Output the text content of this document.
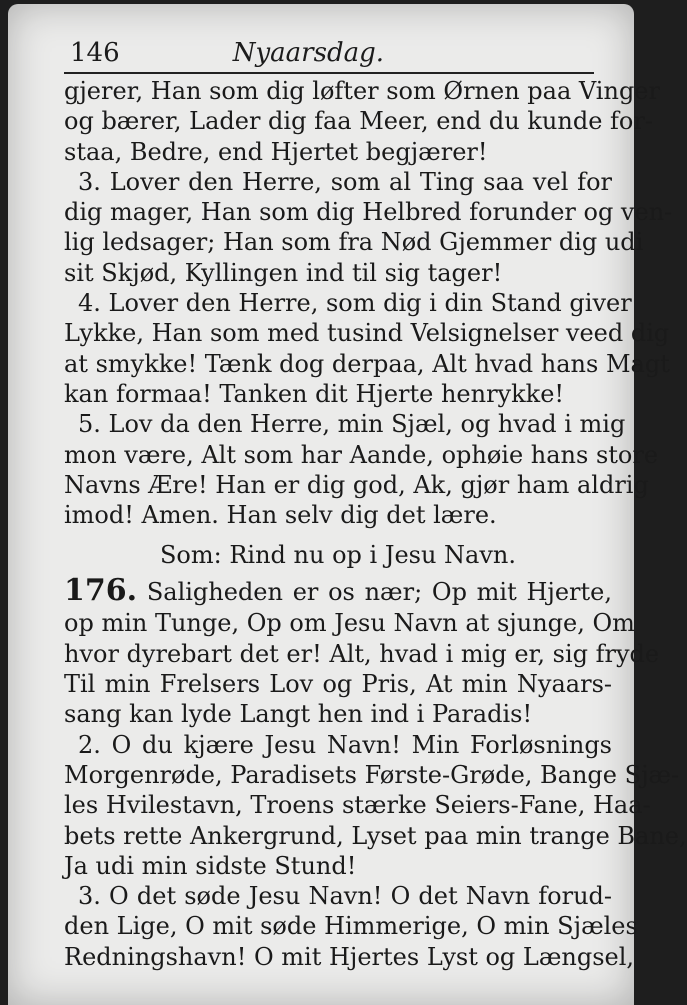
146	Nyaarsdag.
gjerer, Han som dig løfter som Ørnen paa Vinger
og bærer, Lader dig faa Meer, end du kunde for-
staa, Bedre, end Hjertet begjærer!
3. Lover den Herre, som al Ting saa vel for
dig mager, Han som dig Helbred forunder og ven-
lig ledsager; Han som fra Nød Gjemmer dig udi
sit Skjød, Kyllingen ind til sig tager!
4. Lover den Herre, som dig i din Stand giver
Lykke, Han som med tusind Velsignelser veed dig
at smykke! Tænk dog derpaa, Alt hvad hans Magt
kan formaa! Tanken dit Hjerte henrykke!
5. Lov da den Herre, min Sjæl, og hvad i mig
mon være, Alt som har Aande, ophøie hans store
Navns Ære! Han er dig god, Ak, gjør ham aldrig
imod! Amen. Han selv dig det lære.
Som: Rind nu op i Jesu Navn.
176. Saligheden er os nær; Op mit Hjerte,
op min Tunge, Op om Jesu Navn at sjunge, Om
hvor dyrebart det er! Alt, hvad i mig er, sig fryde
Til min Frelsers Lov og Pris, At min Nyaars-
sang kan lyde Langt hen ind i Paradis!
2. O du kjære Jesu Navn! Min Forløsnings
Morgenrøde, Paradisets Første-Grøde, Bange Sjæ-
les Hvilestavn, Troens stærke Seiers-Fane, Haa-
bets rette Ankergrund, Lyset paa min trange Bane,
Ja udi min sidste Stund!
3. O det søde Jesu Navn! O det Navn forud-
den Lige, O mit søde Himmerige, O min Sjæles
Redningshavn! O mit Hjertes Lyst og Længsel,
